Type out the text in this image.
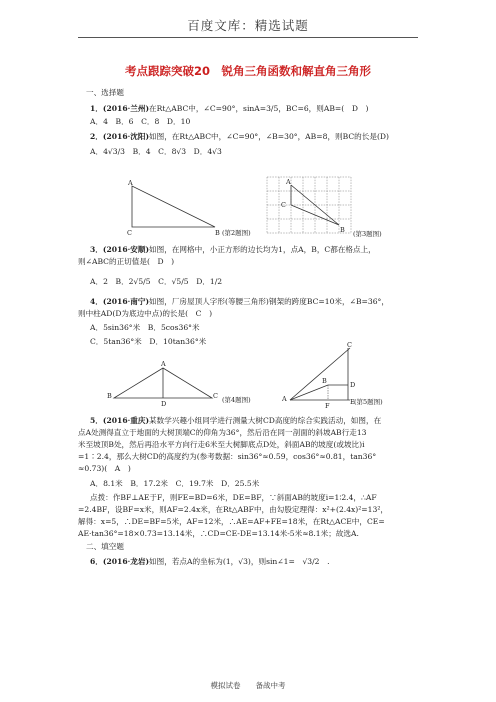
百度文库：精选试题
考点跟踪突破20　锐角三角函数和解直角三角形
一、选择题
1．(2016·兰州)在Rt△ABC中，∠C=90°，sinA=3/5，BC=6，则AB=(　D　)
A．4　B．6　C．8　D．10
2．(2016·沈阳)如图，在Rt△ABC中，∠C=90°，∠B=30°，AB=8，则BC的长是(D)
A．4√3/3　B．4　C．8√3　D．4√3
A
C	B (第2题图)
A
C
B (第3题图)
3．(2016·安顺)如图，在网格中，小正方形的边长均为1，点A，B，C都在格点上，
则∠ABC的正切值是(　D　)
A．2　B．2√5/5　C．√5/5　D．1/2
4．(2016·南宁)如图，厂房屋顶人字形(等腰三角形)钢架的跨度BC=10米，∠B=36°，
则中柱AD(D为底边中点)的长是(　C　)
A．5sin36°米　B．5cos36°米
C．5tan36°米　D．10tan36°米
A
B
D
C (第4题图)	A
B
C
D
E
F	(第5题图)
5．(2016·重庆)某数学兴趣小组同学进行测量大树CD高度的综合实践活动，如图，在
点A处测得直立于地面的大树顶端C的仰角为36°，然后沿在同一剖面的斜坡AB行走13
米至坡顶B处，然后再沿水平方向行走6米至大树脚底点D处，斜面AB的坡度(或坡比)i
=1∶2.4，那么大树CD的高度约为(参考数据：sin36°≈0.59，cos36°≈0.81，tan36°
≈0.73)(　A　)
A．8.1米　B．17.2米　C．19.7米　D．25.5米
点拨：作BF⊥AE于F，则FE=BD=6米，DE=BF，∵斜面AB的坡度i=1∶2.4，∴AF
=2.4BF，设BF=x米，则AF=2.4x米，在Rt△ABF中，由勾股定理得：x²+(2.4x)²=13²，
解得：x=5，∴DE=BF=5米，AF=12米，∴AE=AF+FE=18米，在Rt△ACE中，CE=
AE·tan36°=18×0.73=13.14米，∴CD=CE-DE=13.14米-5米≈8.1米；故选A.
二、填空题
6．(2016·龙岩)如图，若点A的坐标为(1，√3)，则sin∠1=　√3/2　.
模拟试卷　　备战中考
